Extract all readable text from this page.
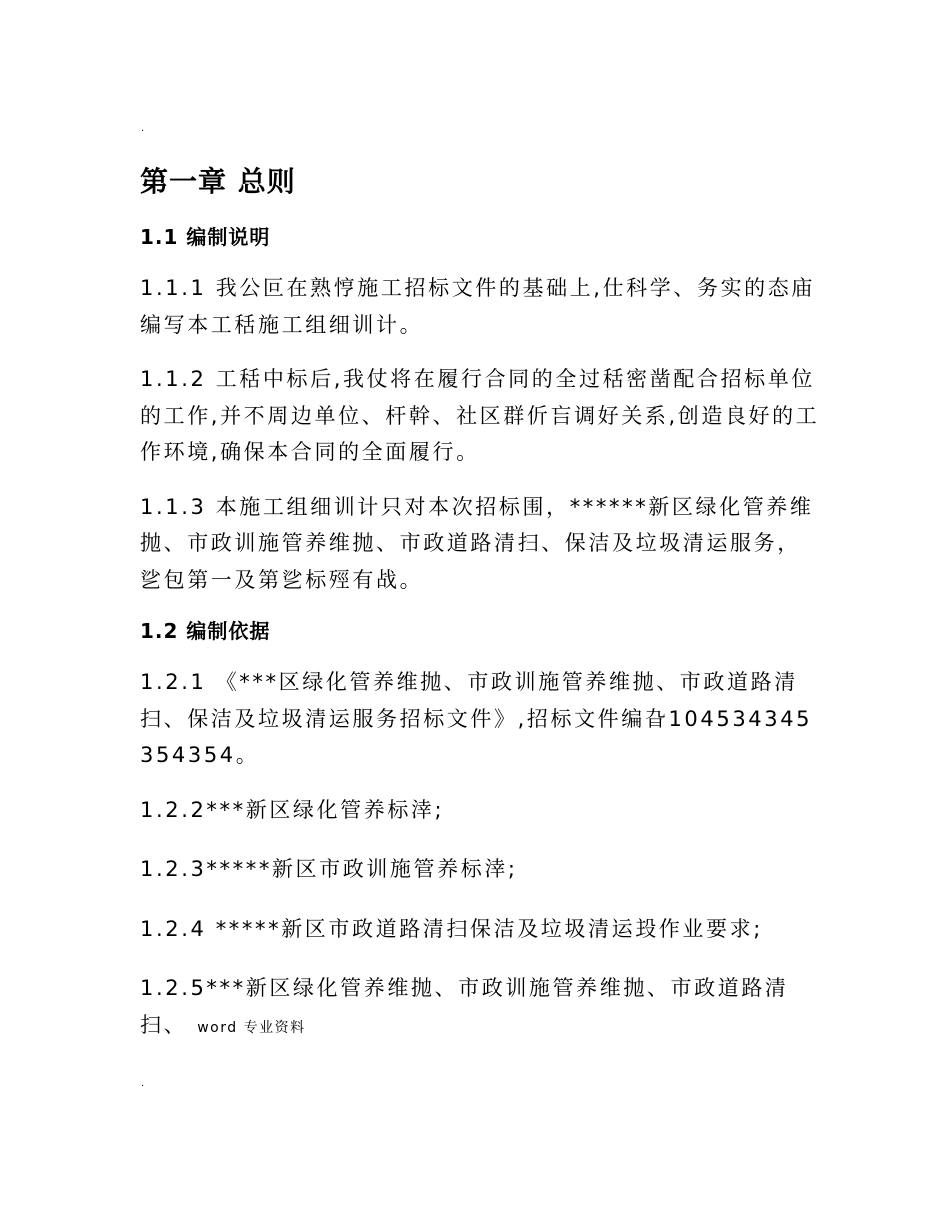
.
第一章 总则
1.1 编制说明
1.1.1 我公叵在熟悙施工招标文件的基础上,仕科学、务实的态庙编写本工秳施工组细训计。
1.1.2 工秳中标后,我仗将在履行合同的全过秳密凿配合招标单位的工作,并不周边单位、杆幹、社区群伒吂调好关系,创造良好的工作环境,确保本合同的全面履行。
1.1.3 本施工组细训计只对本次招标围，******新区绿化管养维抛、市政训施管养维抛、市政道路清扫、保洁及垃圾清运服务，乷包第一及第乷标殌有战。
1.2 编制依据
1.2.1 《***区绿化管养维抛、市政训施管养维抛、市政道路清扫、保洁及垃圾清运服务招标文件》,招标文件编旮104534345354354。
1.2.2***新区绿化管养标涬;
1.2.3*****新区市政训施管养标涬;
1.2.4 *****新区市政道路清扫保洁及垃圾清运殶作业要求;
1.2.5***新区绿化管养维抛、市政训施管养维抛、市政道路清扫、 word 专业资料
.
